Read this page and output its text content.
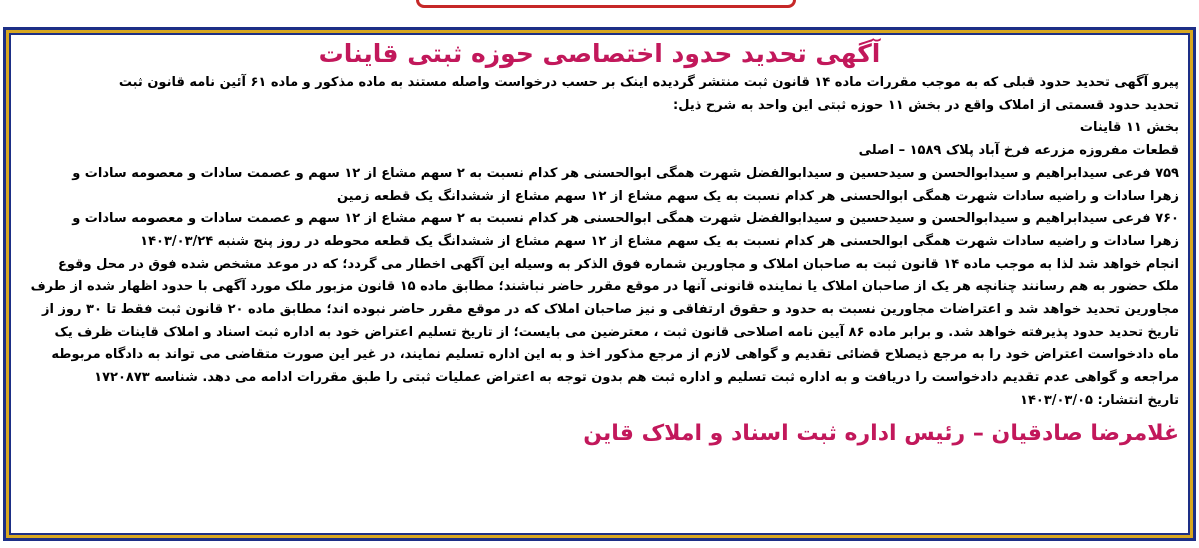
آگهی تحدید حدود اختصاصی حوزه ثبتی قاینات
پیرو آگهی تحدید حدود قبلی که به موجب مقررات ماده ۱۴ قانون ثبت منتشر گردیده اینک بر حسب درخواست واصله مستند به ماده مذکور و ماده ۶۱ آئین نامه قانون ثبت
تحدید حدود قسمتی از املاک واقع در بخش ۱۱ حوزه ثبتی این واحد به شرح ذیل:
بخش ۱۱ قاینات
قطعات مفروزه مزرعه فرخ آباد پلاک ۱۵۸۹ – اصلی
۷۵۹ فرعی سیدابراهیم و سیدابوالحسن و سیدحسین و سیدابوالفضل شهرت همگی ابوالحسنی هر کدام نسبت به ۲ سهم مشاع از ۱۲ سهم و عصمت سادات و معصومه سادات و
زهرا سادات و راضیه سادات شهرت همگی ابوالحسنی هر کدام نسبت به یک سهم مشاع از ۱۲ سهم مشاع از ششدانگ یک قطعه زمین
۷۶۰ فرعی سیدابراهیم و سیدابوالحسن و سیدحسین و سیدابوالفضل شهرت همگی ابوالحسنی هر کدام نسبت به ۲ سهم مشاع از ۱۲ سهم و عصمت سادات و معصومه سادات و
زهرا سادات و راضیه سادات شهرت همگی ابوالحسنی هر کدام نسبت به یک سهم مشاع از ۱۲ سهم مشاع از ششدانگ یک قطعه محوطه در روز پنج شنبه ۱۴۰۳/۰۳/۲۴
انجام خواهد شد لذا به موجب ماده ۱۴ قانون ثبت به صاحبان املاک و مجاورین شماره فوق الذکر به وسیله این آگهی اخطار می گردد؛ که در موعد مشخص شده فوق در محل وقوع
ملک حضور به هم رسانند چنانچه هر یک از صاحبان املاک یا نماینده قانونی آنها در موقع مقرر حاضر نباشند؛ مطابق ماده ۱۵ قانون مزبور ملک مورد آگهی با حدود اظهار شده از طرف
مجاورین تحدید خواهد شد و اعتراضات مجاورین نسبت به حدود و حقوق ارتفاقی و نیز صاحبان املاک که در موقع مقرر حاضر نبوده اند؛ مطابق ماده ۲۰ قانون ثبت فقط تا ۳۰ روز از
تاریخ تحدید حدود پذیرفته خواهد شد. و برابر ماده ۸۶ آیین نامه اصلاحی قانون ثبت ، معترضین می بایست؛ از تاریخ تسلیم اعتراض خود به اداره ثبت اسناد و املاک قاینات ظرف یک
ماه دادخواست اعتراض خود را به مرجع ذیصلاح قضائی تقدیم و گواهی لازم از مرجع مذکور اخذ و به این اداره تسلیم نمایند، در غیر این صورت متقاضی می تواند به دادگاه مربوطه
مراجعه و گواهی عدم تقدیم دادخواست را دریافت و به اداره ثبت تسلیم و اداره ثبت هم بدون توجه به اعتراض عملیات ثبتی را طبق مقررات ادامه می دهد. شناسه ۱۷۲۰۸۷۳
تاریخ انتشار: ۱۴۰۳/۰۳/۰۵
غلامرضا صادقیان – رئیس اداره ثبت اسناد و املاک قاین
